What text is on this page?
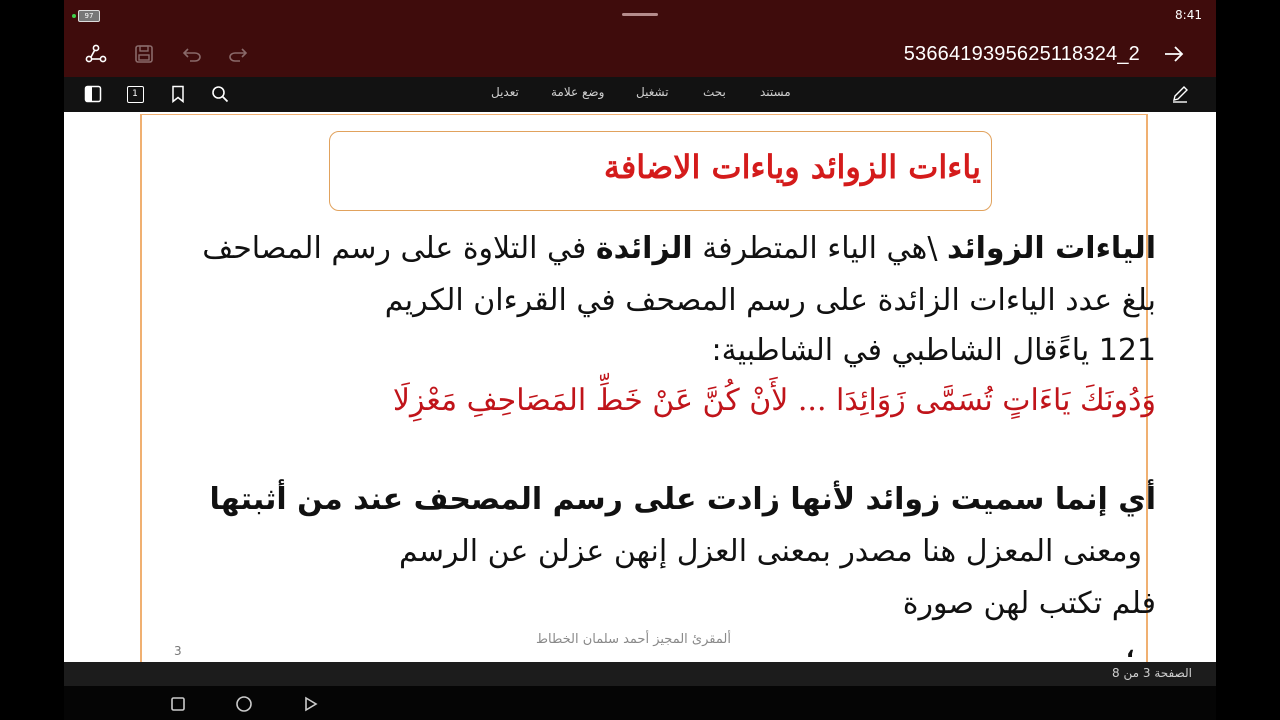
97	8:41
5366419395625118324_2
1	مستند
بحث
تشغيل
وضع علامة
تعديل
ياءات الزوائد وياءات الاضافة
الياءات الزوائد \هي الياء المتطرفة الزائدة في التلاوة على رسم المصاحف
بلغ عدد الياءات الزائدة على رسم المصحف في القرءان الكريم
121 ياءًقال الشاطبي في الشاطبية:
وَدُونَكَ يَاءَاتٍ تُسَمَّى زَوَائِدَا ... لأَنْ كُنَّ عَنْ خَطِّ المَصَاحِفِ مَعْزِلَا
أي إنما سميت زوائد لأنها زادت على رسم المصحف عند من أثبتها
ومعنى المعزل هنا مصدر بمعنى العزل إنهن عزلن عن الرسم
فلم تكتب لهن صورة
ألمقرئ المجيز أحمد سلمان الخطاط
3	،
الصفحة 3 من 8
